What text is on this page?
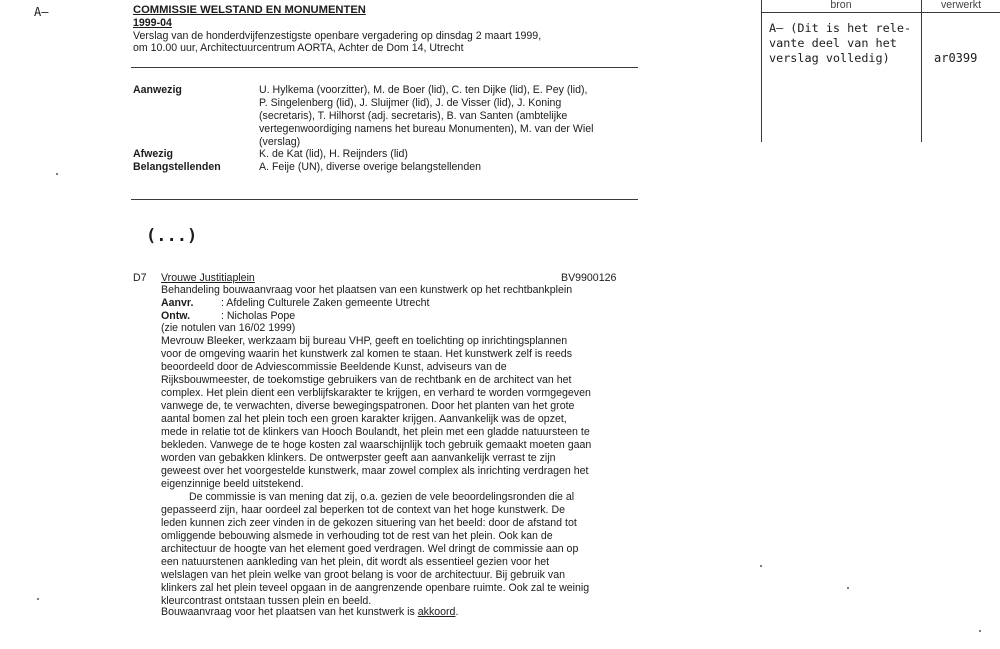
A–	COMMISSIE WELSTAND EN MONUMENTEN
1999-04
Verslag van de honderdvijfenzestigste openbare vergadering op dinsdag 2 maart 1999,
om 10.00 uur, Architectuurcentrum AORTA, Achter de Dom 14, Utrecht
bron	verwerkt
A– (Dit is het rele-
vante deel van het
verslag volledig)	ar0399
Aanwezig	U. Hylkema (voorzitter), M. de Boer (lid), C. ten Dijke (lid), E. Pey (lid),
P. Singelenberg (lid), J. Sluijmer (lid), J. de Visser (lid), J. Koning
(secretaris), T. Hilhorst (adj. secretaris), B. van Santen (ambtelijke
vertegenwoordiging namens het bureau Monumenten), M. van der Wiel
(verslag)
Afwezig	K. de Kat (lid), H. Reijnders (lid)
Belangstellenden	A. Feije (UN), diverse overige belangstellenden
(...)
D7 Vrouwe Justitiaplein	BV9900126
Behandeling bouwaanvraag voor het plaatsen van een kunstwerk op het rechtbankplein
Aanvr.	: Afdeling Culturele Zaken gemeente Utrecht
Ontw.	: Nicholas Pope
(zie notulen van 16/02 1999)
Mevrouw Bleeker, werkzaam bij bureau VHP, geeft en toelichting op inrichtingsplannen
voor de omgeving waarin het kunstwerk zal komen te staan. Het kunstwerk zelf is reeds
beoordeeld door de Adviescommissie Beeldende Kunst, adviseurs van de
Rijksbouwmeester, de toekomstige gebruikers van de rechtbank en de architect van het
complex. Het plein dient een verblijfskarakter te krijgen, en verhard te worden vormgegeven
vanwege de, te verwachten, diverse bewegingspatronen. Door het planten van het grote
aantal bomen zal het plein toch een groen karakter krijgen. Aanvankelijk was de opzet,
mede in relatie tot de klinkers van Hooch Boulandt, het plein met een gladde natuursteen te
bekleden. Vanwege de te hoge kosten zal waarschijnlijk toch gebruik gemaakt moeten gaan
worden van gebakken klinkers. De ontwerpster geeft aan aanvankelijk verrast te zijn
geweest over het voorgestelde kunstwerk, maar zowel complex als inrichting verdragen het
eigenzinnige beeld uitstekend.
De commissie is van mening dat zij, o.a. gezien de vele beoordelingsronden die al
gepasseerd zijn, haar oordeel zal beperken tot de context van het hoge kunstwerk. De
leden kunnen zich zeer vinden in de gekozen situering van het beeld: door de afstand tot
omliggende bebouwing alsmede in verhouding tot de rest van het plein. Ook kan de
architectuur de hoogte van het element goed verdragen. Wel dringt de commissie aan op
een natuurstenen aankleding van het plein, dit wordt als essentieel gezien voor het
welslagen van het plein welke van groot belang is voor de architectuur. Bij gebruik van
klinkers zal het plein teveel opgaan in de aangrenzende openbare ruimte. Ook zal te weinig
kleurcontrast ontstaan tussen plein en beeld.
Bouwaanvraag voor het plaatsen van het kunstwerk is akkoord.
